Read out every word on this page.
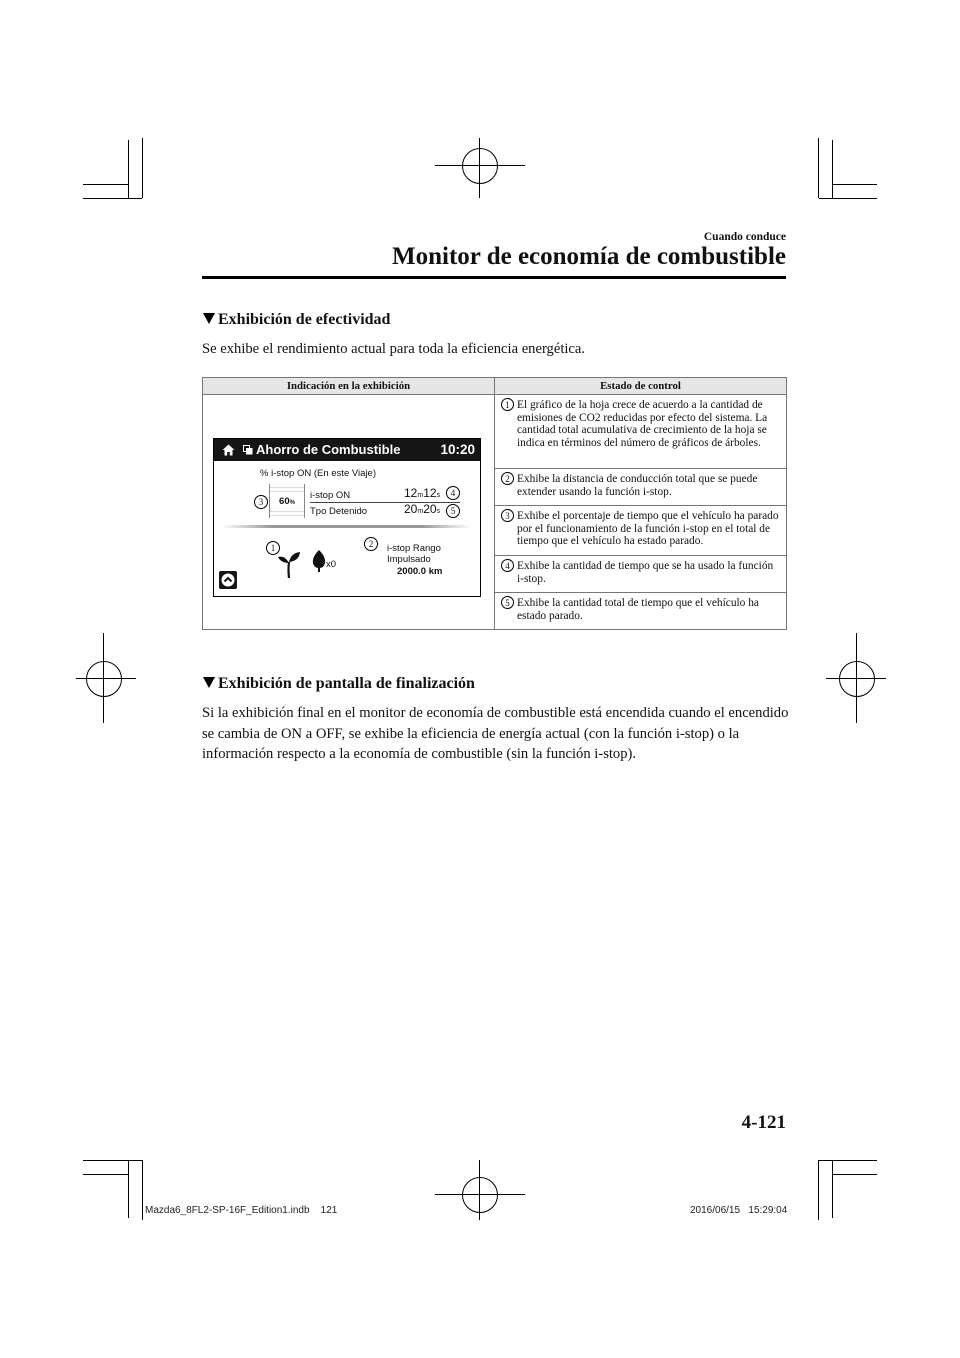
Cuando conduce
Monitor de economía de combustible
Exhibición de efectividad
Se exhibe el rendimiento actual para toda la eficiencia energética.
Indicación en la exhibición	Estado de control

	1 El gráfico de la hoja crece de acuerdo a la cantidad de emisiones de CO2 reducidas por efecto del sistema. La cantidad total acumulativa de crecimiento de la hoja se indica en términos del número de gráficos de árboles.

	2 Exhibe la distancia de conducción total que se puede extender usando la función i-stop.

	3 Exhibe el porcentaje de tiempo que el vehículo ha parado por el funcionamiento de la función i-stop en el total de tiempo que el vehículo ha estado parado.

	4 Exhibe la cantidad de tiempo que se ha usado la función i-stop.

	5 Exhibe la cantidad total de tiempo que el vehículo ha estado parado.
Ahorro de Combustible	10:20
% i-stop ON (En este Viaje)
60%
3
i-stop ON	12m12s	4
Tpo Detenido	20m20s	5
1
x0
2	i-stop Rango
Impulsado
2000.0 km
Exhibición de pantalla de finalización
Si la exhibición final en el monitor de economía de combustible está encendida cuando el encendido se cambia de ON a OFF, se exhibe la eficiencia de energía actual (con la función i-stop) o la información respecto a la economía de combustible (sin la función i-stop).
4-121
Mazda6_8FL2-SP-16F_Edition1.indb 121	2016/06/15   15:29:04
